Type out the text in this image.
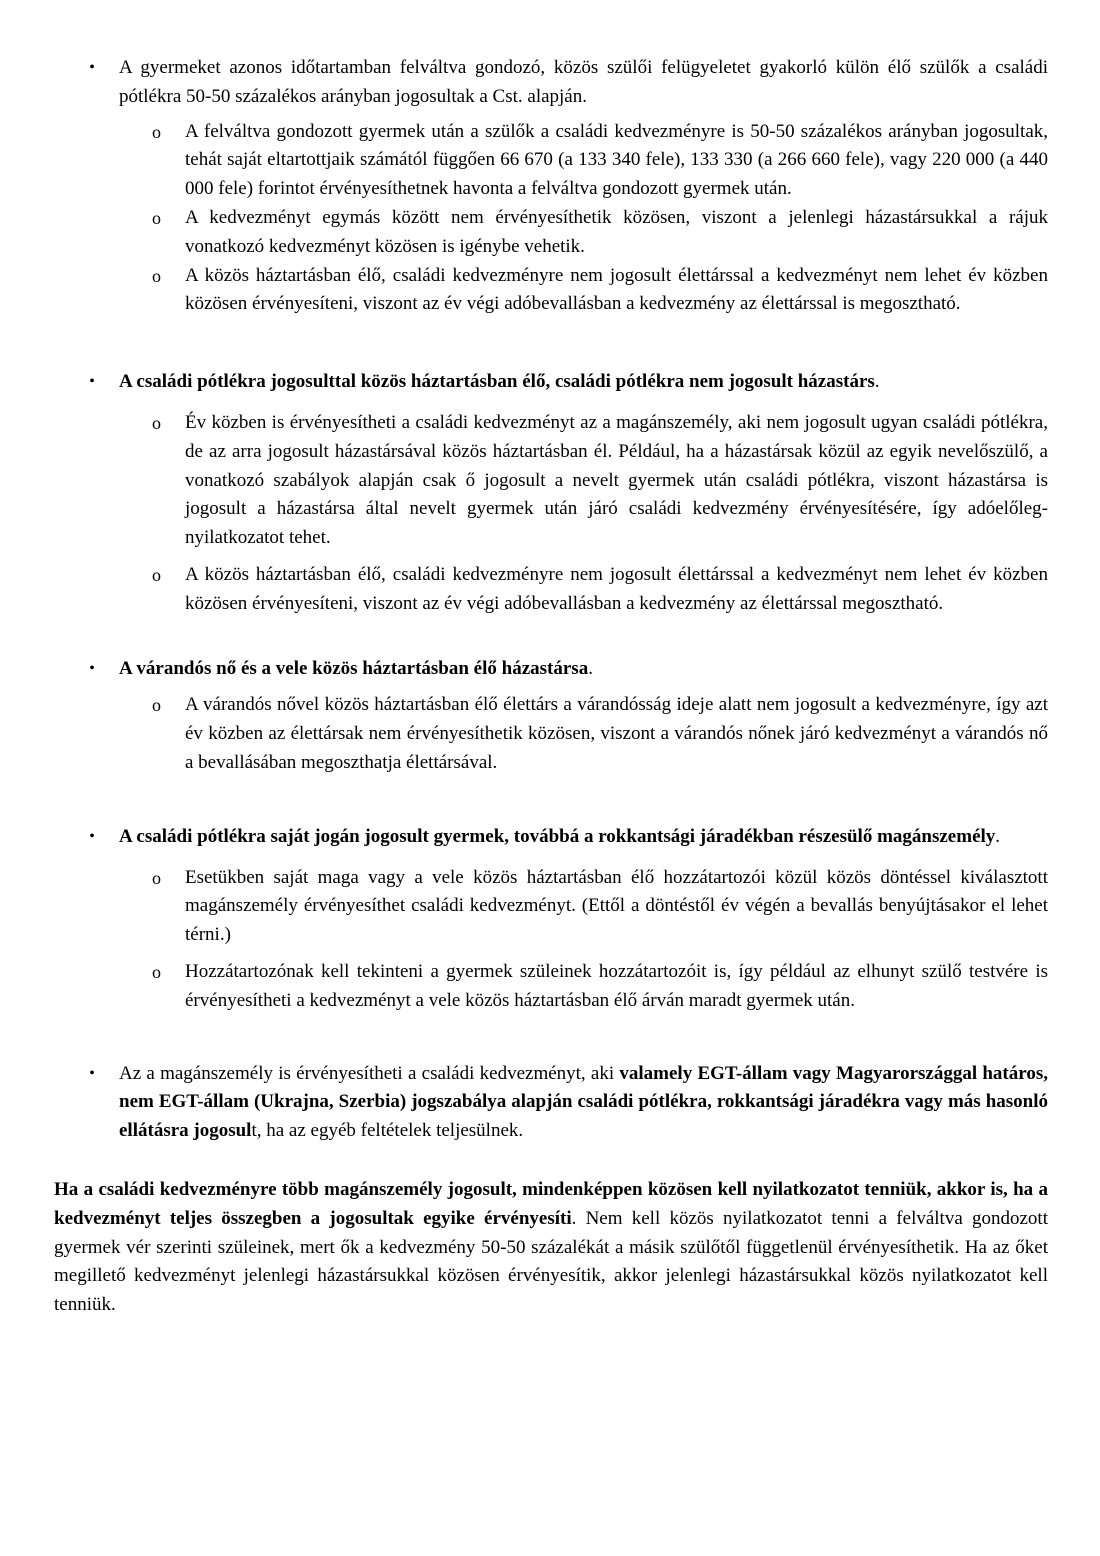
• A gyermeket azonos időtartamban felváltva gondozó, közös szülői felügyeletet gyakorló külön élő szülők a családi pótlékra 50-50 százalékos arányban jogosultak a Cst. alapján.
o A felváltva gondozott gyermek után a szülők a családi kedvezményre is 50-50 százalékos arányban jogosultak, tehát saját eltartottjaik számától függően 66 670 (a 133 340 fele), 133 330 (a 266 660 fele), vagy 220 000 (a 440 000 fele) forintot érvényesíthetnek havonta a felváltva gondozott gyermek után.
o A kedvezményt egymás között nem érvényesíthetik közösen, viszont a jelenlegi házastársukkal a rájuk vonatkozó kedvezményt közösen is igénybe vehetik.
o A közös háztartásban élő, családi kedvezményre nem jogosult élettárssal a kedvezményt nem lehet év közben közösen érvényesíteni, viszont az év végi adóbevallásban a kedvezmény az élettárssal is megosztható.
• A családi pótlékra jogosulttal közös háztartásban élő, családi pótlékra nem jogosult házastárs.
o Év közben is érvényesítheti a családi kedvezményt az a magánszemély, aki nem jogosult ugyan családi pótlékra, de az arra jogosult házastársával közös háztartásban él. Például, ha a házastársak közül az egyik nevelőszülő, a vonatkozó szabályok alapján csak ő jogosult a nevelt gyermek után családi pótlékra, viszont házastársa is jogosult a házastársa által nevelt gyermek után járó családi kedvezmény érvényesítésére, így adóelőleg-nyilatkozatot tehet.
o A közös háztartásban élő, családi kedvezményre nem jogosult élettárssal a kedvezményt nem lehet év közben közösen érvényesíteni, viszont az év végi adóbevallásban a kedvezmény az élettárssal megosztható.
• A várandós nő és a vele közös háztartásban élő házastársa.
o A várandós nővel közös háztartásban élő élettárs a várandósság ideje alatt nem jogosult a kedvezményre, így azt év közben az élettársak nem érvényesíthetik közösen, viszont a várandós nőnek járó kedvezményt a várandós nő a bevallásában megoszthatja élettársával.
• A családi pótlékra saját jogán jogosult gyermek, továbbá a rokkantsági járadékban részesülő magánszemély.
o Esetükben saját maga vagy a vele közös háztartásban élő hozzátartozói közül közös döntéssel kiválasztott magánszemély érvényesíthet családi kedvezményt. (Ettől a döntéstől év végén a bevallás benyújtásakor el lehet térni.)
o Hozzátartozónak kell tekinteni a gyermek szüleinek hozzátartozóit is, így például az elhunyt szülő testvére is érvényesítheti a kedvezményt a vele közös háztartásban élő árván maradt gyermek után.
• Az a magánszemély is érvényesítheti a családi kedvezményt, aki valamely EGT-állam vagy Magyarországgal határos, nem EGT-állam (Ukrajna, Szerbia) jogszabálya alapján családi pótlékra, rokkantsági járadékra vagy más hasonló ellátásra jogosult, ha az egyéb feltételek teljesülnek.
Ha a családi kedvezményre több magánszemély jogosult, mindenképpen közösen kell nyilatkozatot tenniük, akkor is, ha a kedvezményt teljes összegben a jogosultak egyike érvényesíti. Nem kell közös nyilatkozatot tenni a felváltva gondozott gyermek vér szerinti szüleinek, mert ők a kedvezmény 50-50 százalékát a másik szülőtől függetlenül érvényesíthetik. Ha az őket megillető kedvezményt jelenlegi házastársukkal közösen érvényesítik, akkor jelenlegi házastársukkal közös nyilatkozatot kell tenniük.
